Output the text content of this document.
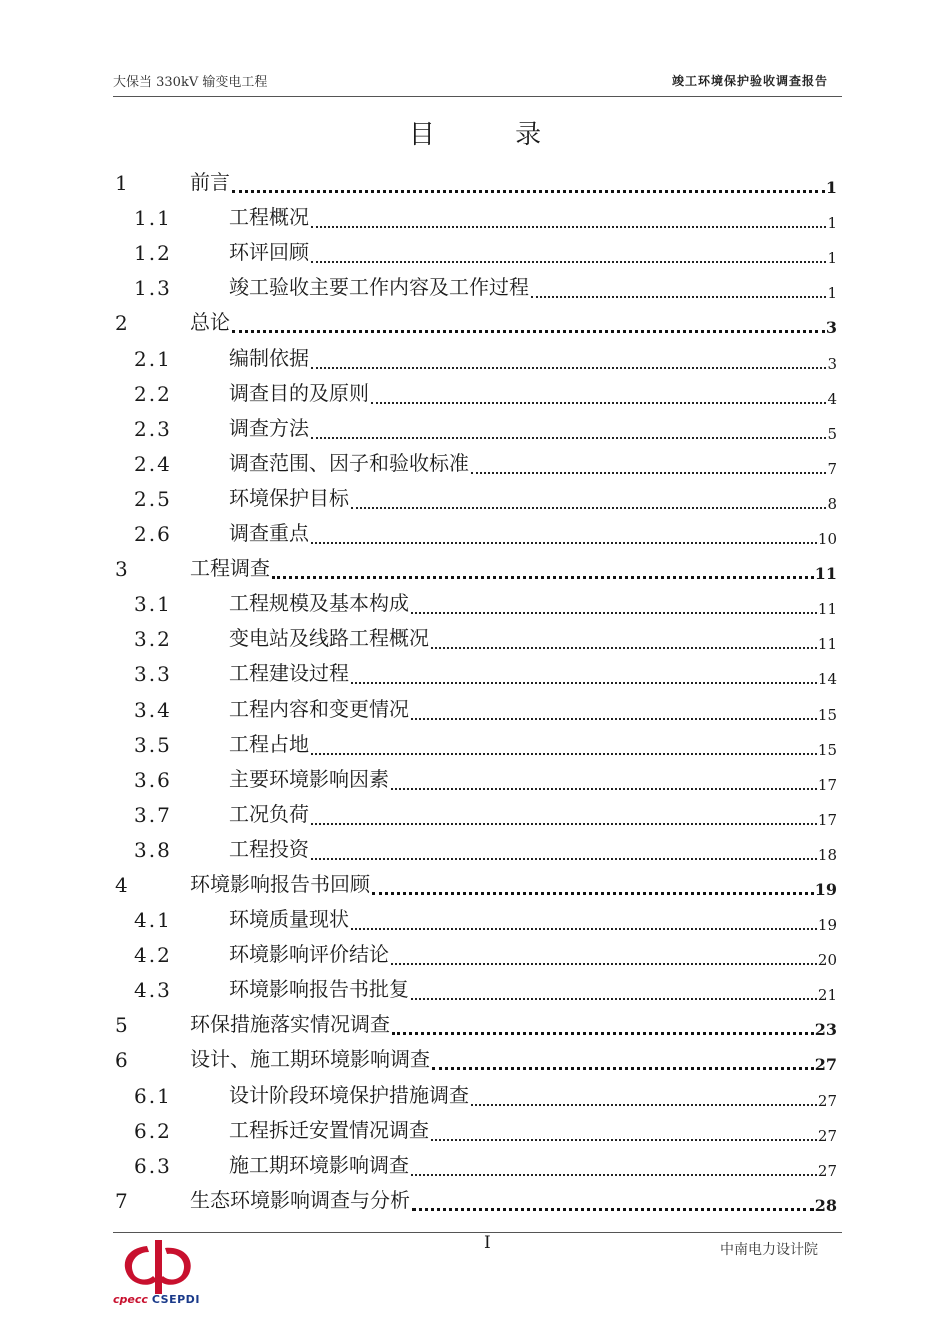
大保当 330kV 输变电工程	竣工环境保护验收调查报告
目 录
1	前言	1
1.1	工程概况	1
1.2	环评回顾	1
1.3	竣工验收主要工作内容及工作过程	1
2	总论	3
2.1	编制依据	3
2.2	调查目的及原则	4
2.3	调查方法	5
2.4	调查范围、因子和验收标准	7
2.5	环境保护目标	8
2.6	调查重点	10
3	工程调查	11
3.1	工程规模及基本构成	11
3.2	变电站及线路工程概况	11
3.3	工程建设过程	14
3.4	工程内容和变更情况	15
3.5	工程占地	15
3.6	主要环境影响因素	17
3.7	工况负荷	17
3.8	工程投资	18
4	环境影响报告书回顾	19
4.1	环境质量现状	19
4.2	环境影响评价结论	20
4.3	环境影响报告书批复	21
5	环保措施落实情况调查	23
6	设计、施工期环境影响调查	27
6.1	设计阶段环境保护措施调查	27
6.2	工程拆迁安置情况调查	27
6.3	施工期环境影响调查	27
7	生态环境影响调查与分析	28
I	中南电力设计院
cpecc CSEPDI
